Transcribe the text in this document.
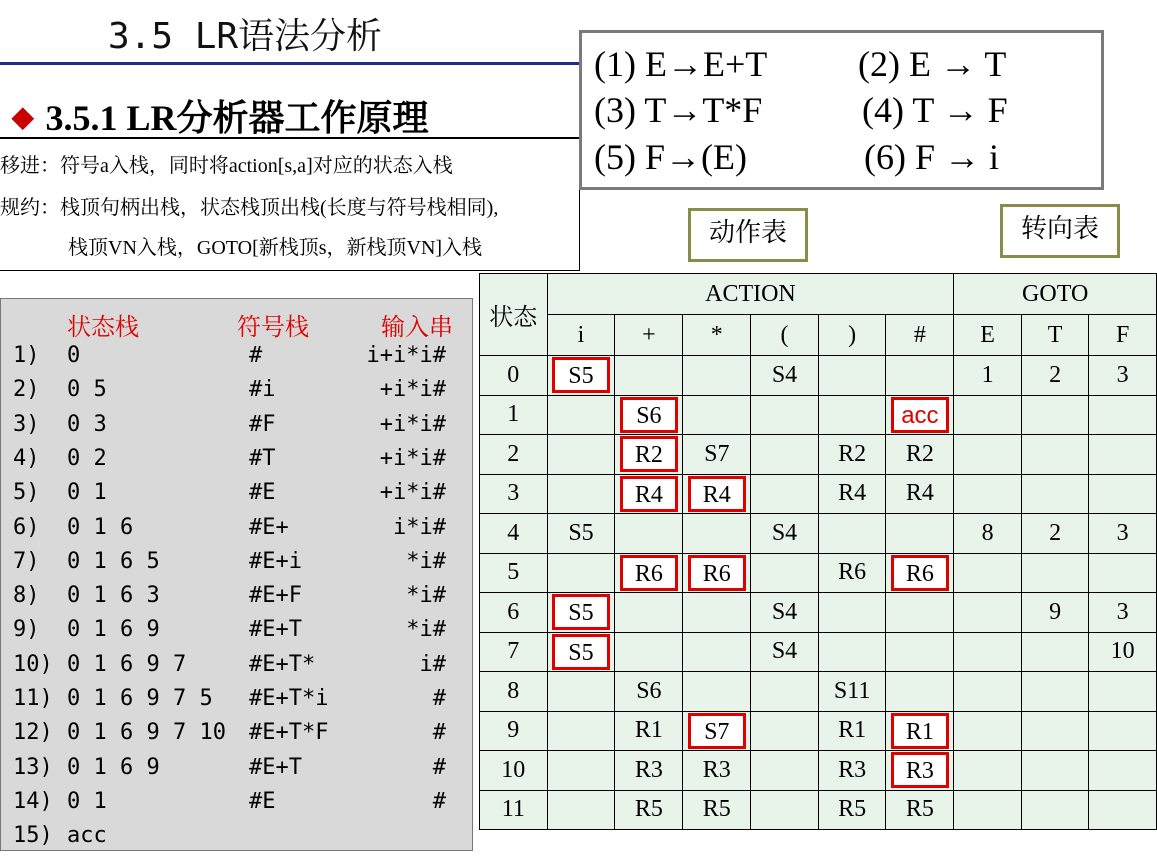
3.5 LR语法分析
◆ 3.5.1 LR分析器工作原理
移进：符号a入栈，同时将action[s,a]对应的状态入栈
规约：栈顶句柄出栈，状态栈顶出栈(长度与符号栈相同),
栈顶VN入栈，GOTO[新栈顶s，新栈顶VN]入栈
(1) E→E+T	(2) E → T
(3) T→T*F	(4) T → F
(5) F→(E)	(6) F → i
动作表	转向表
状态栈	符号栈	输入串
1) 0	#	i+i*i#
2) 0 5	#i	+i*i#
3) 0 3	#F	+i*i#
4) 0 2	#T	+i*i#
5) 0 1	#E	+i*i#
6) 0 1 6	#E+	i*i#
7) 0 1 6 5	#E+i	*i#
8) 0 1 6 3	#E+F	*i#
9) 0 1 6 9	#E+T	*i#
10) 0 1 6 9 7	#E+T*	i#
11) 0 1 6 9 7 5 #E+T*i	#
12) 0 1 6 9 7 10 #E+T*F	#
13) 0 1 6 9	#E+T	#
14) 0 1	#E	#
15) acc
状态	ACTION						GOTO		
	i	+	*	(	)	#	E	T	F
0	S5			S4			1	2	3
1		S6				acc			
2		R2	S7		R2	R2			
3		R4	R4		R4	R4			
4	S5			S4			8	2	3
5		R6	R6		R6	R6			
6	S5			S4				9	3
7	S5			S4					10
8		S6			S11				
9		R1	S7		R1	R1			
10		R3	R3		R3	R3			
11		R5	R5		R5	R5			
